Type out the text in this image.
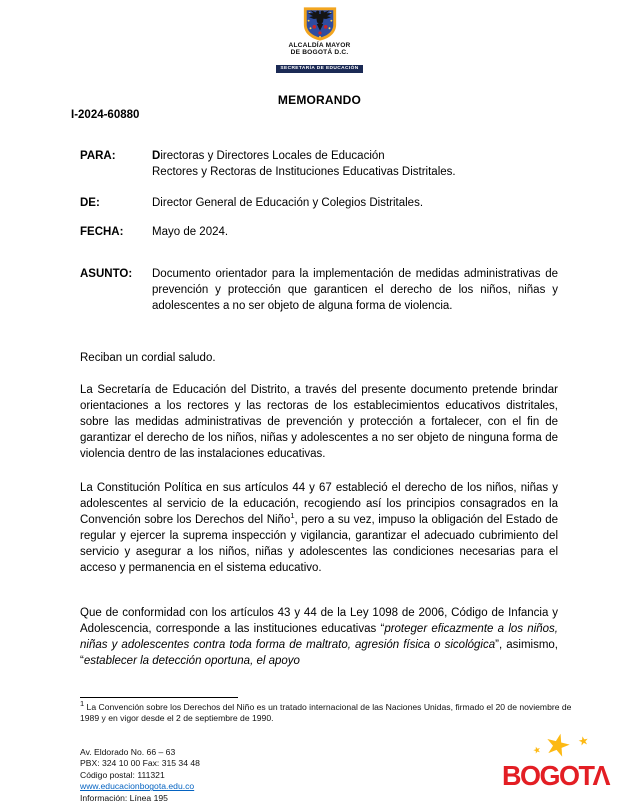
ALCALDÍA MAYOR
DE BOGOTÁ D.C.
SECRETARÍA DE EDUCACIÓN
MEMORANDO
I-2024-60880
PARA:	Directoras y Directores Locales de Educación
Rectores y Rectoras de Instituciones Educativas Distritales.
DE:	Director General de Educación y Colegios Distritales.
FECHA:	Mayo de 2024.
ASUNTO:	Documento orientador para la implementación de medidas administrativas de prevención y protección que garanticen el derecho de los niños, niñas y adolescentes a no ser objeto de alguna forma de violencia.
Reciban un cordial saludo.
La Secretaría de Educación del Distrito, a través del presente documento pretende brindar orientaciones a los rectores y las rectoras de los establecimientos educativos distritales, sobre las medidas administrativas de prevención y protección a fortalecer, con el fin de garantizar el derecho de los niños, niñas y adolescentes a no ser objeto de ninguna forma de violencia dentro de las instalaciones educativas.
La Constitución Política en sus artículos 44 y 67 estableció el derecho de los niños, niñas y adolescentes al servicio de la educación, recogiendo así los principios consagrados en la Convención sobre los Derechos del Niño$^1$, pero a su vez, impuso la obligación del Estado de regular y ejercer la suprema inspección y vigilancia, garantizar el adecuado cubrimiento del servicio y asegurar a los niños, niñas y adolescentes las condiciones necesarias para el acceso y permanencia en el sistema educativo.
Que de conformidad con los artículos 43 y 44 de la Ley 1098 de 2006, Código de Infancia y Adolescencia, corresponde a las instituciones educativas “proteger eficazmente a los niños, niñas y adolescentes contra toda forma de maltrato, agresión física o sicológica”, asimismo, “establecer la detección oportuna, el apoyo
$^1$ La Convención sobre los Derechos del Niño es un tratado internacional de las Naciones Unidas, firmado el 20 de noviembre de 1989 y en vigor desde el 2 de septiembre de 1990.
Av. Eldorado No. 66 – 63
PBX: 324 10 00 Fax: 315 34 48
Código postal: 111321
www.educacionbogota.edu.co
Información: Línea 195
★ ★
★
BOGOTΛ
